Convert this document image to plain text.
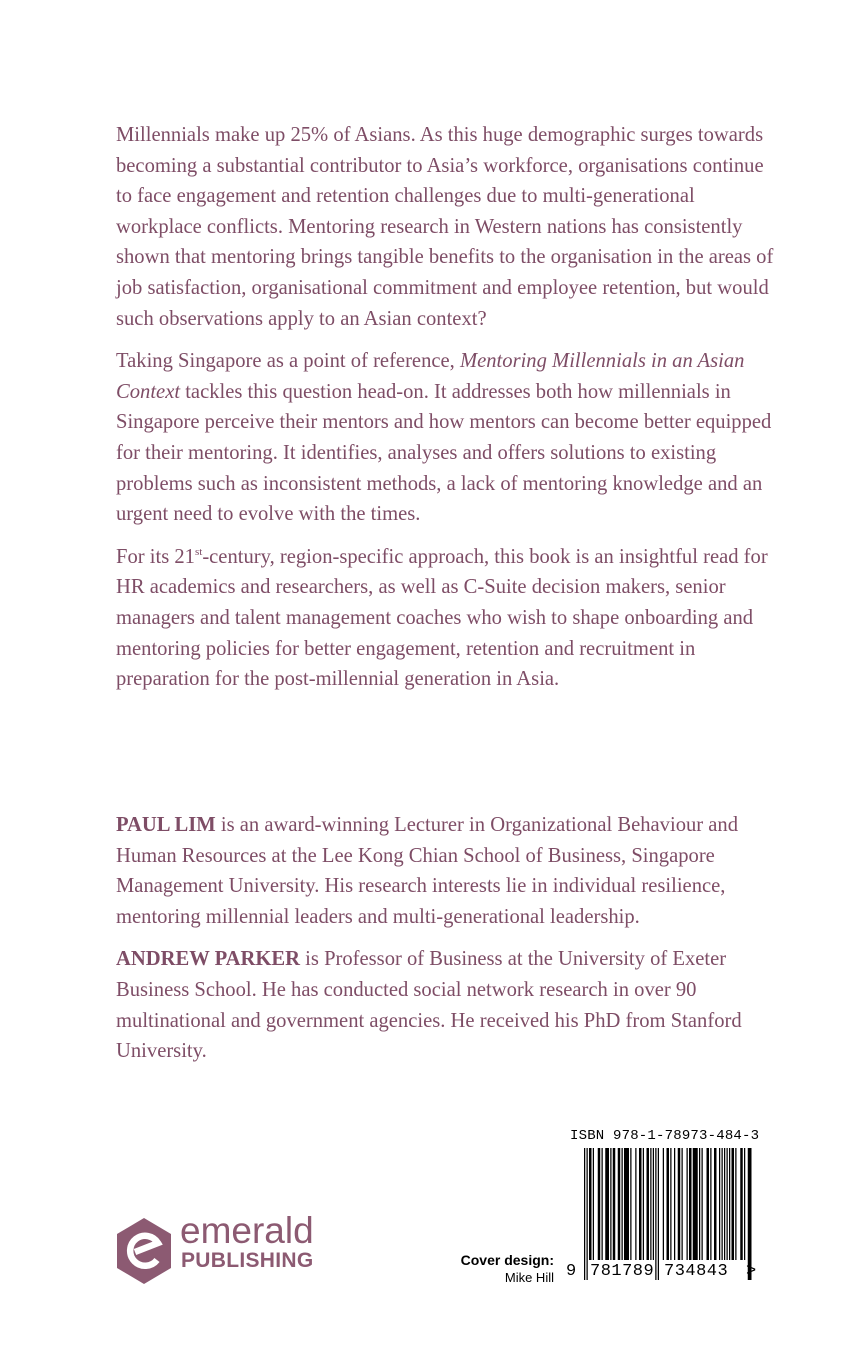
Millennials make up 25% of Asians. As this huge demographic surges towards becoming a substantial contributor to Asia’s workforce, organisations continue to face engagement and retention challenges due to multi-generational workplace conflicts. Mentoring research in Western nations has consistently shown that mentoring brings tangible benefits to the organisation in the areas of job satisfaction, organisational commitment and employee retention, but would such observations apply to an Asian context?

Taking Singapore as a point of reference, Mentoring Millennials in an Asian Context tackles this question head-on. It addresses both how millennials in Singapore perceive their mentors and how mentors can become better equipped for their mentoring. It identifies, analyses and offers solutions to existing problems such as inconsistent methods, a lack of mentoring knowledge and an urgent need to evolve with the times.

For its 21st-century, region-specific approach, this book is an insightful read for HR academics and researchers, as well as C-Suite decision makers, senior managers and talent management coaches who wish to shape onboarding and mentoring policies for better engagement, retention and recruitment in preparation for the post-millennial generation in Asia.

PAUL LIM is an award-winning Lecturer in Organizational Behaviour and Human Resources at the Lee Kong Chian School of Business, Singapore Management University. His research interests lie in individual resilience, mentoring millennial leaders and multi-generational leadership.

ANDREW PARKER is Professor of Business at the University of Exeter Business School. He has conducted social network research in over 90 multinational and government agencies. He received his PhD from Stanford University.

emerald
PUBLISHING	Cover design:
Mike Hill
ISBN 978-1-78973-484-3
9 781789 734843 >
